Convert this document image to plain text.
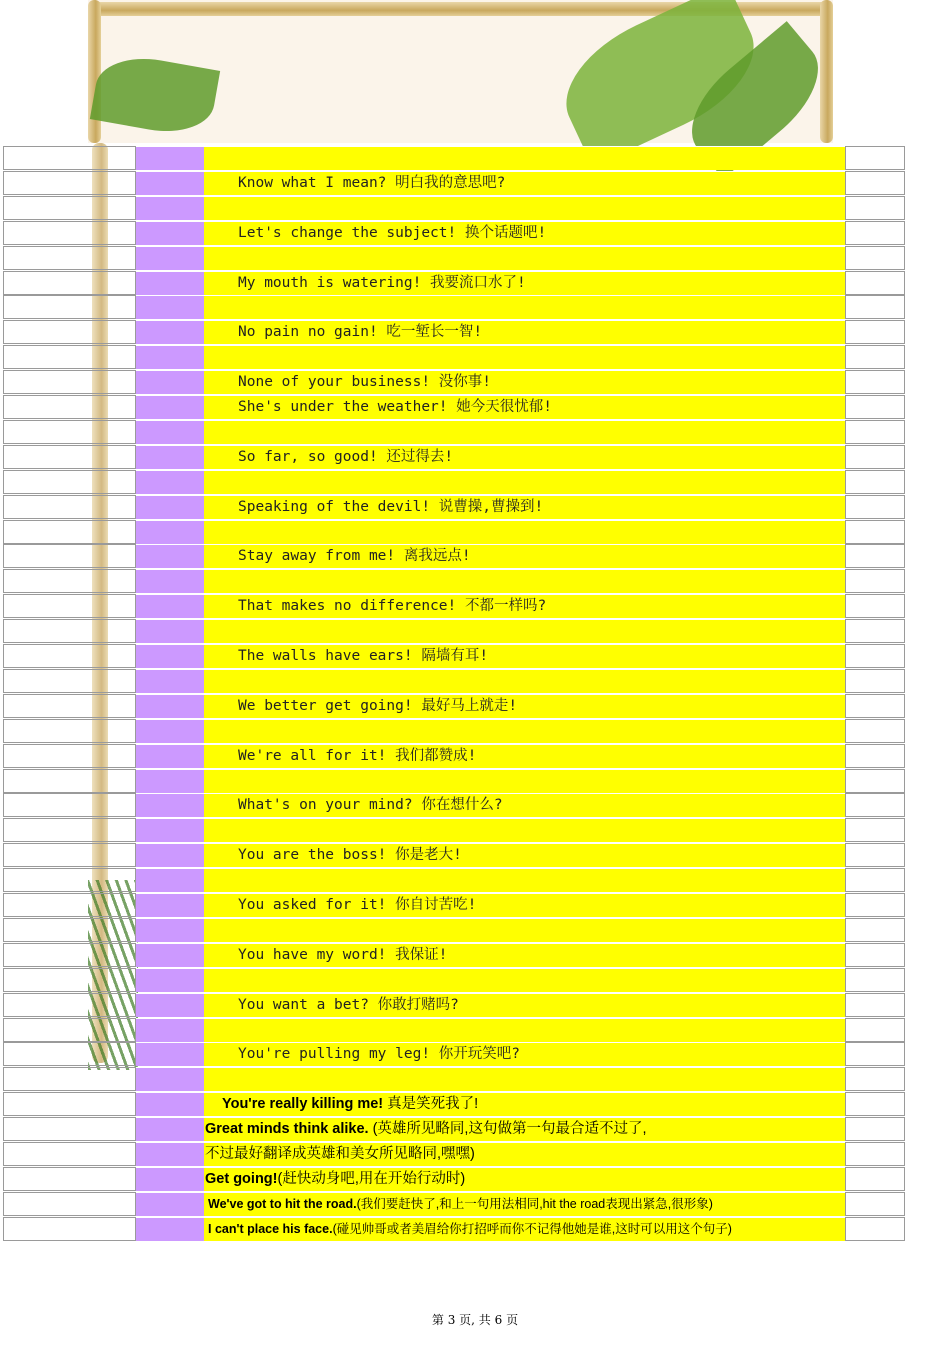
Know what I mean? 明白我的意思吧?
Let's change the subject! 换个话题吧!
My mouth is watering! 我要流口水了!
No pain no gain! 吃一堑长一智!
None of your business! 没你事!
She's under the weather! 她今天很忧郁!
So far, so good! 还过得去!
Speaking of the devil! 说曹操,曹操到!
Stay away from me! 离我远点!
That makes no difference! 不都一样吗?
The walls have ears! 隔墙有耳!
We better get going! 最好马上就走!
We're all for it! 我们都赞成!
What's on your mind? 你在想什么?
You are the boss! 你是老大!
You asked for it! 你自讨苦吃!
You have my word! 我保证!
You want a bet? 你敢打赌吗?
You're pulling my leg! 你开玩笑吧?
You're really killing me! 真是笑死我了!
Great minds think alike. (英雄所见略同,这句做第一句最合适不过了,
不过最好翻译成英雄和美女所见略同,嘿嘿)
Get going!(赶快动身吧,用在开始行动时)
We've got to hit the road.(我们要赶快了,和上一句用法相同,hit the road表现出紧急,很形象)
I can't place his face.(碰见帅哥或者美眉给你打招呼而你不记得他她是谁,这时可以用这个句子)
第 3 页, 共 6 页
